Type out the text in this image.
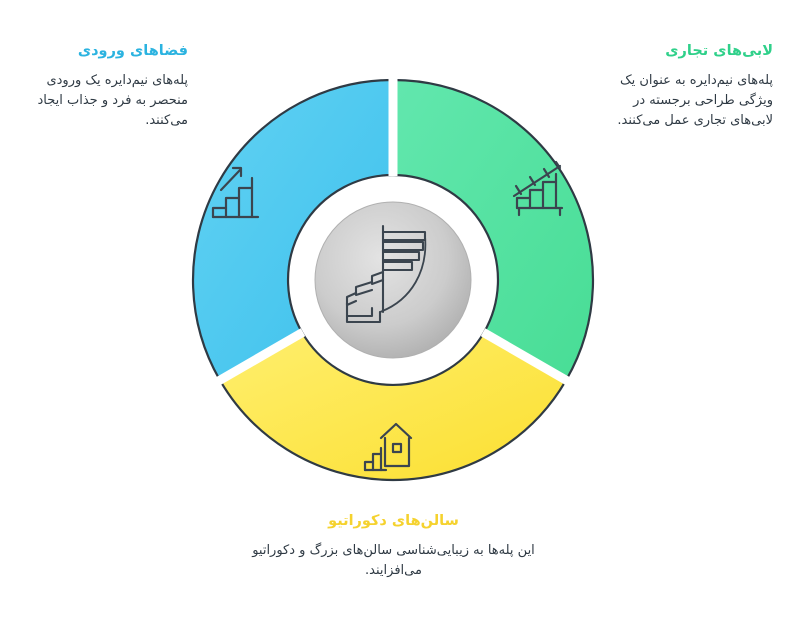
فضاهای ورودی

پله‌های نیم‌دایره یک ورودی منحصر به فرد و جذاب ایجاد می‌کنند.

لابی‌های تجاری

پله‌های نیم‌دایره به عنوان یک ویژگی طراحی برجسته در لابی‌های تجاری عمل می‌کنند.

سالن‌های دکوراتیو

این پله‌ها به زیبایی‌شناسی سالن‌های بزرگ و دکوراتیو می‌افزایند.
